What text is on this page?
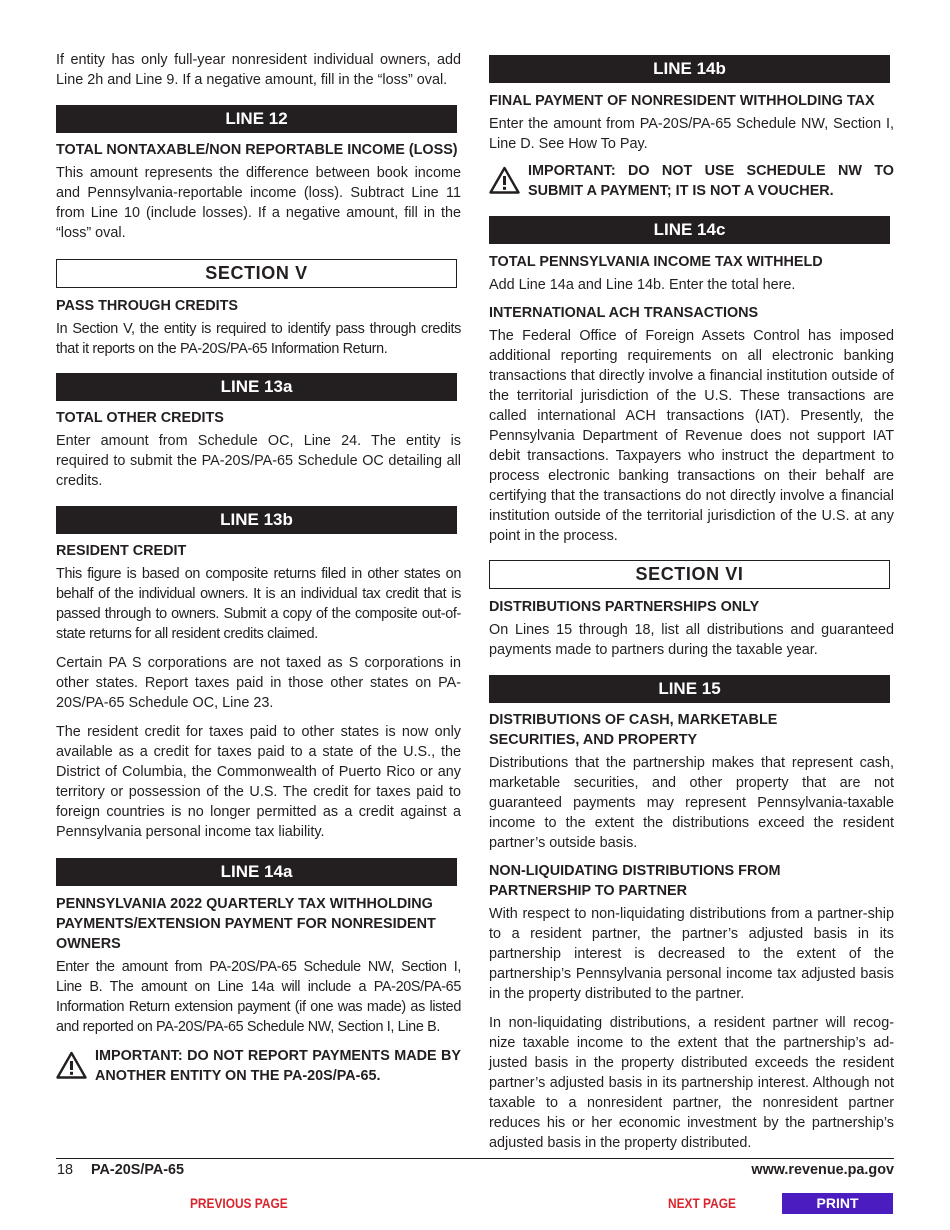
If entity has only full-year nonresident individual owners, add Line 2h and Line 9. If a negative amount, fill in the “loss” oval.

LINE 12
TOTAL NONTAXABLE/NON REPORTABLE INCOME (LOSS)

This amount represents the difference between book income and Pennsylvania-reportable income (loss). Subtract Line 11 from Line 10 (include losses). If a negative amount, fill in the “loss” oval.

SECTION V
PASS THROUGH CREDITS

In Section V, the entity is required to identify pass through credits that it reports on the PA-20S/PA-65 Information Return.

LINE 13a
TOTAL OTHER CREDITS

Enter amount from Schedule OC, Line 24. The entity is required to submit the PA-20S/PA-65 Schedule OC detailing all credits.

LINE 13b
RESIDENT CREDIT

This figure is based on composite returns filed in other states on behalf of the individual owners. It is an individual tax credit that is passed through to owners. Submit a copy of the composite out-of-state returns for all resident credits claimed.

Certain PA S corporations are not taxed as S corporations in other states. Report taxes paid in those other states on PA-20S/PA-65 Schedule OC, Line 23.

The resident credit for taxes paid to other states is now only available as a credit for taxes paid to a state of the U.S., the District of Columbia, the Commonwealth of Puerto Rico or any territory or possession of the U.S. The credit for taxes paid to foreign countries is no longer permitted as a credit against a Pennsylvania personal income tax liability.

LINE 14a
PENNSYLVANIA 2022 QUARTERLY TAX WITHHOLDING PAYMENTS/EXTENSION PAYMENT FOR NONRESIDENT OWNERS

Enter the amount from PA-20S/PA-65 Schedule NW, Section I, Line B. The amount on Line 14a will include a PA-20S/PA-65 Information Return extension payment (if one was made) as listed and reported on PA-20S/PA-65 Schedule NW, Section I, Line B.

IMPORTANT: DO NOT REPORT PAYMENTS MADE BY ANOTHER ENTITY ON THE PA-20S/PA-65.
LINE 14b
FINAL PAYMENT OF NONRESIDENT WITHHOLDING TAX

Enter the amount from PA-20S/PA-65 Schedule NW, Section I, Line D. See How To Pay.

IMPORTANT: DO NOT USE SCHEDULE NW TO SUBMIT A PAYMENT; IT IS NOT A VOUCHER.
LINE 14c
TOTAL PENNSYLVANIA INCOME TAX WITHHELD

Add Line 14a and Line 14b. Enter the total here.

INTERNATIONAL ACH TRANSACTIONS

The Federal Office of Foreign Assets Control has imposed additional reporting requirements on all electronic banking transactions that directly involve a financial institution outside of the territorial jurisdiction of the U.S. These transactions are called international ACH transactions (IAT). Presently, the Pennsylvania Department of Revenue does not support IAT debit transactions. Taxpayers who instruct the department to process electronic banking transactions on their behalf are certifying that the transactions do not directly involve a financial institution outside of the territorial jurisdiction of the U.S. at any point in the process.

SECTION VI
DISTRIBUTIONS PARTNERSHIPS ONLY

On Lines 15 through 18, list all distributions and guaranteed payments made to partners during the taxable year.

LINE 15
DISTRIBUTIONS OF CASH, MARKETABLE SECURITIES, AND PROPERTY

Distributions that the partnership makes that represent cash, marketable securities, and other property that are not guaranteed payments may represent Pennsylvania-taxable income to the extent the distributions exceed the resident partner’s outside basis.

NON-LIQUIDATING DISTRIBUTIONS FROM PARTNERSHIP TO PARTNER

With respect to non-liquidating distributions from a partner-ship to a resident partner, the partner’s adjusted basis in its partnership interest is decreased to the extent of the partnership’s Pennsylvania personal income tax adjusted basis in the property distributed to the partner.

In non-liquidating distributions, a resident partner will recog-nize taxable income to the extent that the partnership’s ad-justed basis in the property distributed exceeds the resident partner’s adjusted basis in its partnership interest. Although not taxable to a nonresident partner, the nonresident partner reduces his or her economic investment by the partnership’s adjusted basis in the property distributed.

18 PA-20S/PA-65	www.revenue.pa.gov
PREVIOUS PAGE	NEXT PAGE	PRINT
